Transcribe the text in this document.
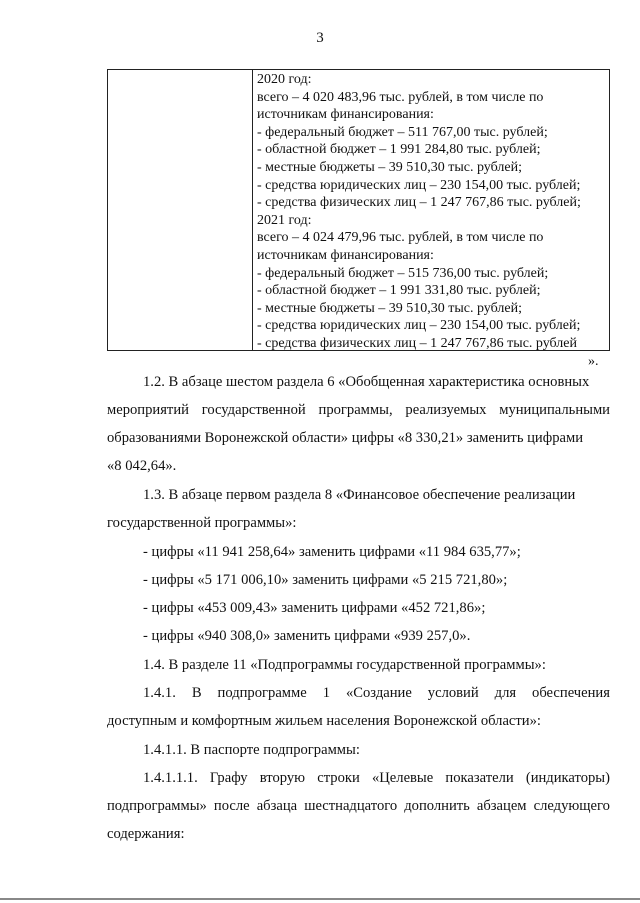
3
2020 год:
всего – 4 020 483,96 тыс. рублей, в том числе по
источникам финансирования:
- федеральный бюджет – 511 767,00 тыс. рублей;
- областной бюджет – 1 991 284,80 тыс. рублей;
- местные бюджеты – 39 510,30 тыс. рублей;
- средства юридических лиц – 230 154,00 тыс. рублей;
- средства физических лиц – 1 247 767,86 тыс. рублей;
2021 год:
всего – 4 024 479,96 тыс. рублей, в том числе по
источникам финансирования:
- федеральный бюджет – 515 736,00 тыс. рублей;
- областной бюджет – 1 991 331,80 тыс. рублей;
- местные бюджеты – 39 510,30 тыс. рублей;
- средства юридических лиц – 230 154,00 тыс. рублей;
- средства физических лиц – 1 247 767,86 тыс. рублей
».
1.2. В абзаце шестом раздела 6 «Обобщенная характеристика основных
мероприятий государственной программы, реализуемых муниципальными
образованиями Воронежской области» цифры «8 330,21» заменить цифрами
«8 042,64».
1.3. В абзаце первом раздела 8 «Финансовое обеспечение реализации
государственной программы»:
- цифры «11 941 258,64» заменить цифрами «11 984 635,77»;
- цифры «5 171 006,10» заменить цифрами «5 215 721,80»;
- цифры «453 009,43» заменить цифрами «452 721,86»;
- цифры «940 308,0» заменить цифрами «939 257,0».
1.4. В разделе 11 «Подпрограммы государственной программы»:
1.4.1. В подпрограмме 1 «Создание условий для обеспечения
доступным и комфортным жильем населения Воронежской области»:
1.4.1.1. В паспорте подпрограммы:
1.4.1.1.1. Графу вторую строки «Целевые показатели (индикаторы)
подпрограммы» после абзаца шестнадцатого дополнить абзацем следующего
содержания:
